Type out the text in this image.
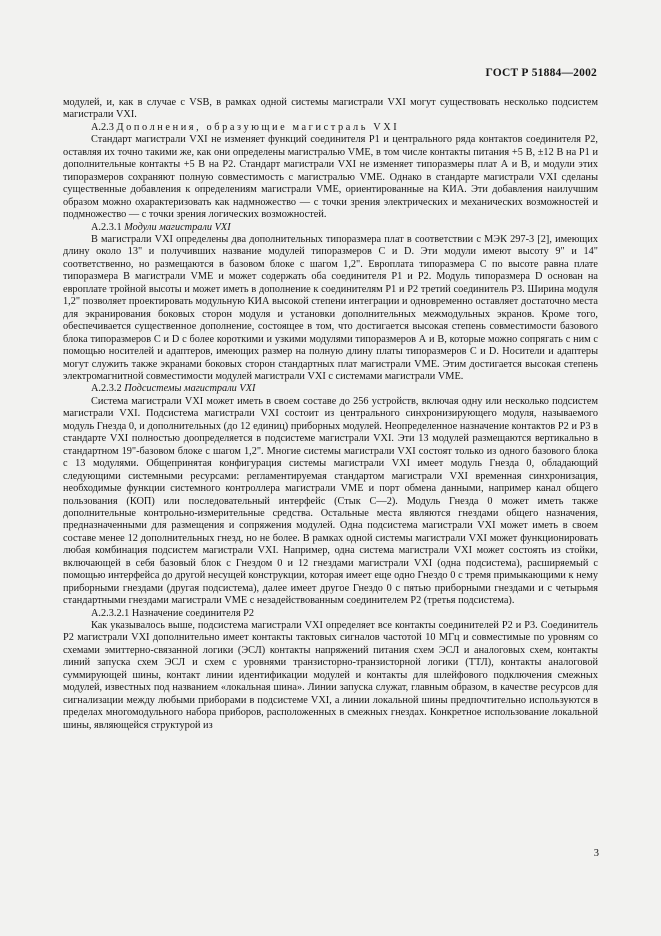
ГОСТ Р 51884—2002

модулей, и, как в случае с VSB, в рамках одной системы магистрали VXI могут существовать несколько подсистем магистрали VXI.

А.2.3 Дополнения, образующие магистраль VXI

Стандарт магистрали VXI не изменяет функций соединителя P1 и центрального ряда контактов соединителя P2, оставляя их точно такими же, как они определены магистралью VME, в том числе контакты питания +5 В, ±12 В на P1 и дополнительные контакты +5 В на P2. Стандарт магистрали VXI не изменяет типоразмеры плат А и В, и модули этих типоразмеров сохраняют полную совместимость с магистралью VME. Однако в стандарте магистрали VXI сделаны существенные добавления к определениям магистрали VME, ориентированные на КИА. Эти добавления наилучшим образом можно охарактеризовать как надмножество — с точки зрения электрических и механических возможностей и подмножество — с точки зрения логических возможностей.

А.2.3.1 Модули магистрали VXI

В магистрали VXI определены два дополнительных типоразмера плат в соответствии с МЭК 297-3 [2], имеющих длину около 13" и получивших название модулей типоразмеров С и D. Эти модули имеют высоту 9" и 14" соответственно, но размещаются в базовом блоке с шагом 1,2". Европлата типоразмера С по высоте равна плате типоразмера В магистрали VME и может содержать оба соединителя P1 и P2. Модуль типоразмера D основан на европлате тройной высоты и может иметь в дополнение к соединителям P1 и P2 третий соединитель P3. Ширина модуля 1,2" позволяет проектировать модульную КИА высокой степени интеграции и одновременно оставляет достаточно места для экранирования боковых сторон модуля и установки дополнительных межмодульных экранов. Кроме того, обеспечивается существенное дополнение, состоящее в том, что достигается высокая степень совместимости базового блока типоразмеров С и D с более короткими и узкими модулями типоразмеров А и В, которые можно сопрягать с ним с помощью носителей и адаптеров, имеющих размер на полную длину платы типоразмеров С и D. Носители и адаптеры могут служить также экранами боковых сторон стандартных плат магистрали VME. Этим достигается высокая степень электромагнитной совместимости модулей магистрали VXI с системами магистрали VME.

А.2.3.2 Подсистемы магистрали VXI

Система магистрали VXI может иметь в своем составе до 256 устройств, включая одну или несколько подсистем магистрали VXI. Подсистема магистрали VXI состоит из центрального синхронизирующего модуля, называемого модуль Гнезда 0, и дополнительных (до 12 единиц) приборных модулей. Неопределенное назначение контактов P2 и P3 в стандарте VXI полностью доопределяется в подсистеме магистрали VXI. Эти 13 модулей размещаются вертикально в стандартном 19"-базовом блоке с шагом 1,2". Многие системы магистрали VXI состоят только из одного базового блока с 13 модулями. Общепринятая конфигурация системы магистрали VXI имеет модуль Гнезда 0, обладающий следующими системными ресурсами: регламентируемая стандартом магистрали VXI временная синхронизация, необходимые функции системного контроллера магистрали VME и порт обмена данными, например канал общего пользования (КОП) или последовательный интерфейс (Стык С—2). Модуль Гнезда 0 может иметь также дополнительные контрольно-измерительные средства. Остальные места являются гнездами общего назначения, предназначенными для размещения и сопряжения модулей. Одна подсистема магистрали VXI может иметь в своем составе менее 12 дополнительных гнезд, но не более. В рамках одной системы магистрали VXI может функционировать любая комбинация подсистем магистрали VXI. Например, одна система магистрали VXI может состоять из стойки, включающей в себя базовый блок с Гнездом 0 и 12 гнездами магистрали VXI (одна подсистема), расширяемый с помощью интерфейса до другой несущей конструкции, которая имеет еще одно Гнездо 0 с тремя примыкающими к нему приборными гнездами (другая подсистема), далее имеет другое Гнездо 0 с пятью приборными гнездами и с четырьмя стандартными гнездами магистрали VME с незадействованным соединителем P2 (третья подсистема).

А.2.3.2.1 Назначение соединителя P2

Как указывалось выше, подсистема магистрали VXI определяет все контакты соединителей P2 и P3. Соединитель P2 магистрали VXI дополнительно имеет контакты тактовых сигналов частотой 10 МГц и совместимые по уровням со схемами эмиттерно-связанной логики (ЭСЛ) контакты напряжений питания схем ЭСЛ и аналоговых схем, контакты линий запуска схем ЭСЛ и схем с уровнями транзисторно-транзисторной логики (ТТЛ), контакты аналоговой суммирующей шины, контакт линии идентификации модулей и контакты для шлейфового подключения смежных модулей, известных под названием «локальная шина». Линии запуска служат, главным образом, в качестве ресурсов для сигнализации между любыми приборами в подсистеме VXI, а линии локальной шины предпочтительно используются в пределах многомодульного набора приборов, расположенных в смежных гнездах. Конкретное использование локальной шины, являющейся структурой из

3
